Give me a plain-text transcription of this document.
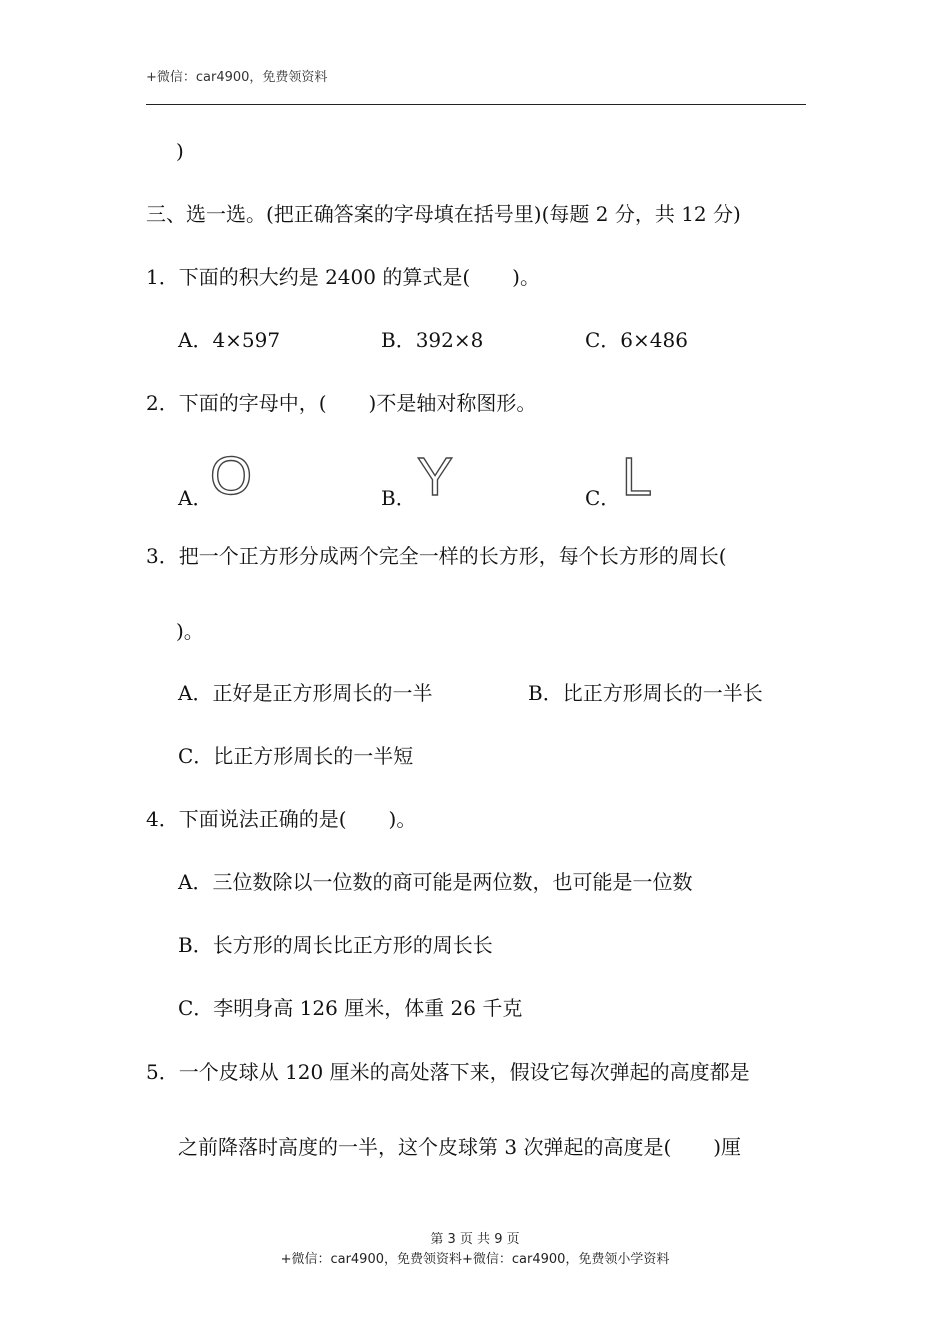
+微信：car4900，免费领资料
)
三、选一选。(把正确答案的字母填在括号里)(每题 2 分，共 12 分)
1．下面的积大约是 2400 的算式是( )。
A．4×597	B．392×8	C．6×486
2．下面的字母中，( )不是轴对称图形。
A．
O	B． Y	C． L
3．把一个正方形分成两个完全一样的长方形，每个长方形的周长(
)。
A．正好是正方形周长的一半	B．比正方形周长的一半长
C．比正方形周长的一半短
4．下面说法正确的是( )。
A．三位数除以一位数的商可能是两位数，也可能是一位数
B．长方形的周长比正方形的周长长
C．李明身高 126 厘米，体重 26 千克
5．一个皮球从 120 厘米的高处落下来，假设它每次弹起的高度都是
之前降落时高度的一半，这个皮球第 3 次弹起的高度是( )厘
第 3 页 共 9 页
+微信：car4900，免费领资料+微信：car4900，免费领小学资料
